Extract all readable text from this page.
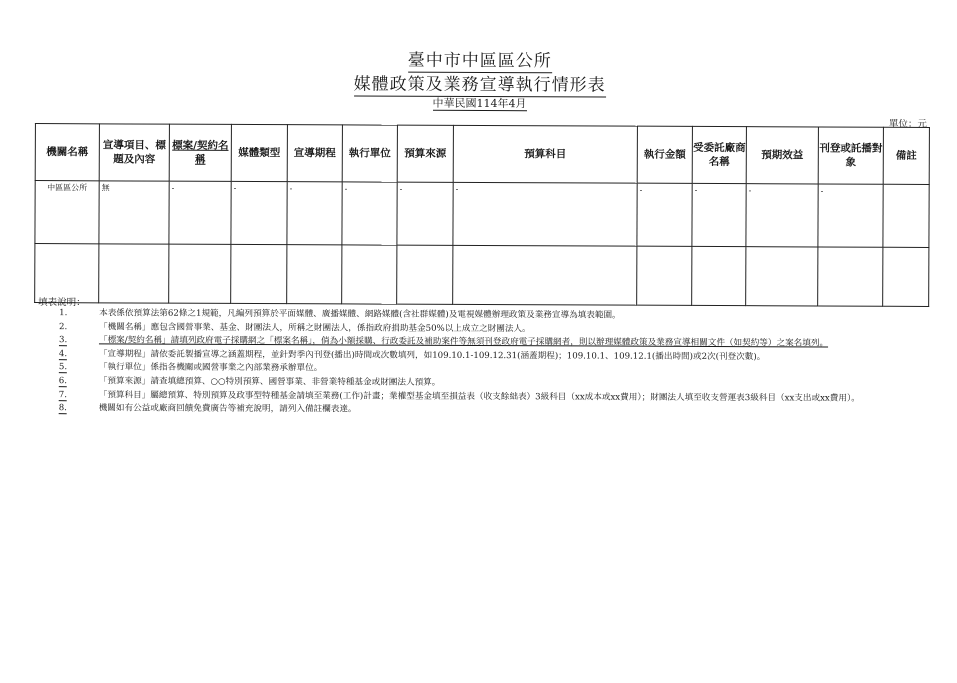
臺中市中區區公所
媒體政策及業務宣導執行情形表
中華民國114年4月
單位：元
機關名稱	宣導項目、標題及內容	標案/契約名稱	媒體類型	宣導期程	執行單位	預算來源	預算科目	執行金額	受委託廠商名稱	預期效益	刊登或託播對象	備註
中區區公所	無	-	-	-	-	-	-	-	-	-	-	

填表說明：
1.	本表係依預算法第62條之1規範，凡編列預算於平面媒體、廣播媒體、網路媒體(含社群媒體)及電視媒體辦理政策及業務宣導為填表範圍。
2.	「機關名稱」應包含國營事業、基金、財團法人，所稱之財團法人，係指政府捐助基金50%以上成立之財團法人。
3.	「標案/契約名稱」請填列政府電子採購網之「標案名稱」，倘為小額採購、行政委託及補助案件等無須刊登政府電子採購網者，則以辦理媒體政策及業務宣導相關文件（如契約等）之案名填列。
4.	「宣導期程」請依委託製播宣導之涵蓋期程，並針對季內刊登(播出)時間或次數填列，如109.10.1-109.12.31(涵蓋期程)；109.10.1、109.12.1(播出時間)或2次(刊登次數)。
5.	「執行單位」係指各機關或國營事業之內部業務承辦單位。
6.	「預算來源」請查填總預算、○○特別預算、國營事業、非營業特種基金或財團法人預算。
7.	「預算科目」屬總預算、特別預算及政事型特種基金請填至業務(工作)計畫；業權型基金填至損益表（收支餘絀表）3級科目（xx成本或xx費用）；財團法人填至收支營運表3級科目（xx支出或xx費用）。
8.	機關如有公益或廠商回饋免費廣告等補充說明，請列入備註欄表達。
